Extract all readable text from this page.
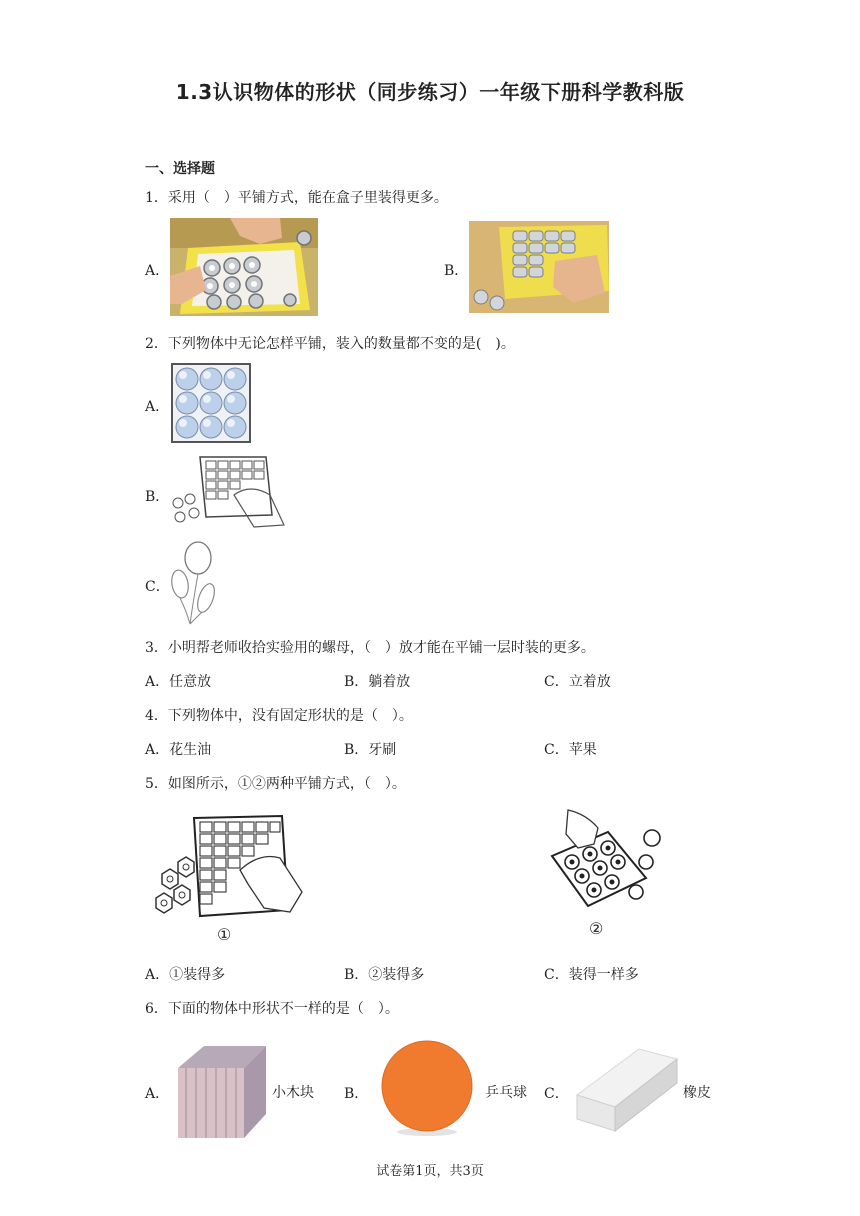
1.3认识物体的形状（同步练习）一年级下册科学教科版
一、选择题
1．采用（　）平铺方式，能在盒子里装得更多。
A．	B．
2．下列物体中无论怎样平铺，装入的数量都不变的是(　)。
A．
B．
C．
3．小明帮老师收拾实验用的螺母，（　）放才能在平铺一层时装的更多。
A．任意放	B．躺着放	C．立着放
4．下列物体中，没有固定形状的是（　）。
A．花生油	B．牙刷	C．苹果
5．如图所示，①②两种平铺方式，（　）。
①	②
A．①装得多	B．②装得多	C．装得一样多
6．下面的物体中形状不一样的是（　）。
A．	小木块 B．	乒乓球 C．	橡皮
试卷第1页，共3页
